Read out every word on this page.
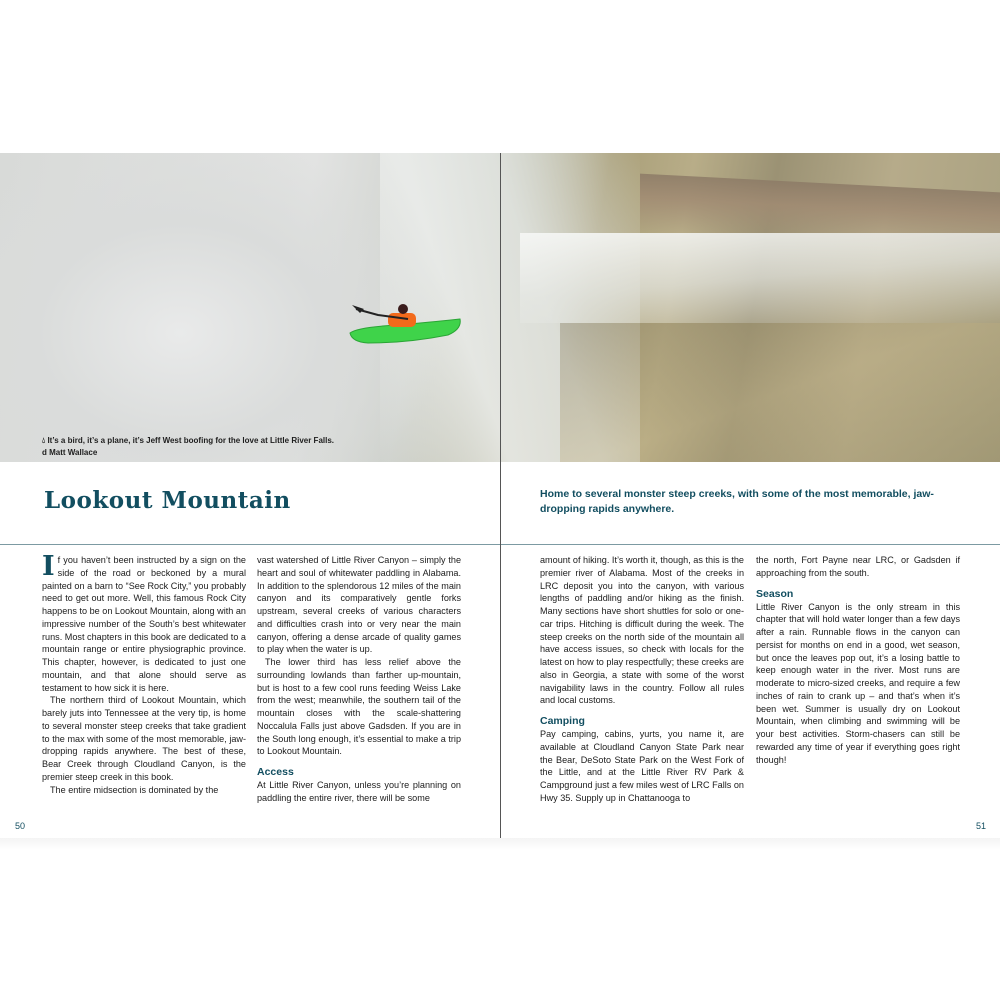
💧︎ It’s a bird, it’s a plane, it’s Jeff West boofing for the love at Little River Falls.
d Matt Wallace
Lookout Mountain	Home to several monster steep creeks, with some of the most memorable, jaw-dropping rapids anywhere.

If you haven’t been instructed by a sign on the side of the road or beckoned by a mural painted on a barn to “See Rock City,” you probably need to get out more. Well, this famous Rock City happens to be on Lookout Mountain, along with an impressive number of the South’s best whitewater runs. Most chapters in this book are dedicated to a mountain range or entire physiographic province. This chapter, however, is dedicated to just one mountain, and that alone should serve as testament to how sick it is here.

The northern third of Lookout Mountain, which barely juts into Tennessee at the very tip, is home to several monster steep creeks that take gradient to the max with some of the most memorable, jaw-dropping rapids anywhere. The best of these, Bear Creek through Cloudland Canyon, is the premier steep creek in this book.

The entire midsection is dominated by the

vast watershed of Little River Canyon – simply the heart and soul of whitewater paddling in Alabama. In addition to the splendorous 12 miles of the main canyon and its comparatively gentle forks upstream, several creeks of various characters and difficulties crash into or very near the main canyon, offering a dense arcade of quality games to play when the water is up.

The lower third has less relief above the surrounding lowlands than farther up-mountain, but is host to a few cool runs feeding Weiss Lake from the west; meanwhile, the southern tail of the mountain closes with the scale-shattering Noccalula Falls just above Gadsden. If you are in the South long enough, it’s essential to make a trip to Lookout Mountain.

Access

At Little River Canyon, unless you’re planning on paddling the entire river, there will be some

amount of hiking. It’s worth it, though, as this is the premier river of Alabama. Most of the creeks in LRC deposit you into the canyon, with various lengths of paddling and/or hiking as the finish. Many sections have short shuttles for solo or one-car trips. Hitching is difficult during the week. The steep creeks on the north side of the mountain all have access issues, so check with locals for the latest on how to play respectfully; these creeks are also in Georgia, a state with some of the worst navigability laws in the country. Follow all rules and local customs.

Camping

Pay camping, cabins, yurts, you name it, are available at Cloudland Canyon State Park near the Bear, DeSoto State Park on the West Fork of the Little, and at the Little River RV Park & Campground just a few miles west of LRC Falls on Hwy 35. Supply up in Chattanooga to

the north, Fort Payne near LRC, or Gadsden if approaching from the south.

Season

Little River Canyon is the only stream in this chapter that will hold water longer than a few days after a rain. Runnable flows in the canyon can persist for months on end in a good, wet season, but once the leaves pop out, it’s a losing battle to keep enough water in the river. Most runs are moderate to micro-sized creeks, and require a few inches of rain to crank up – and that’s when it’s been wet. Summer is usually dry on Lookout Mountain, when climbing and swimming will be your best activities. Storm-chasers can still be rewarded any time of year if everything goes right though!

50	51
